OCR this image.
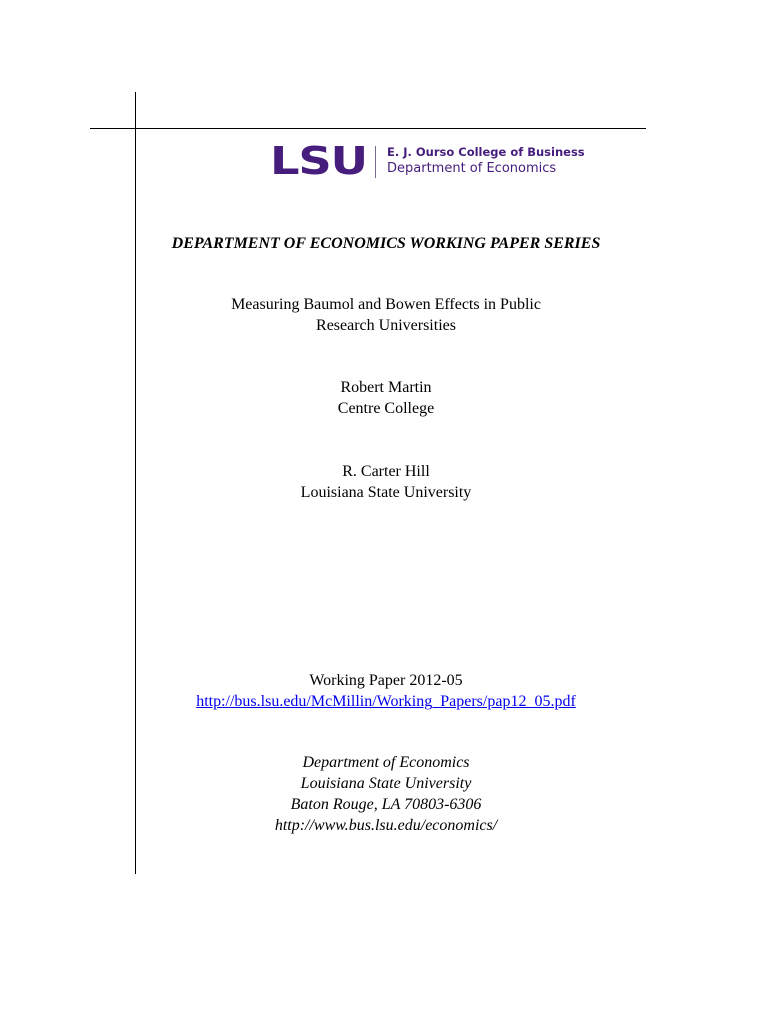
LSU E. J. Ourso College of Business
Department of Economics
DEPARTMENT OF ECONOMICS WORKING PAPER SERIES
Measuring Baumol and Bowen Effects in Public
Research Universities
Robert Martin
Centre College
R. Carter Hill
Louisiana State University
Working Paper 2012-05
http://bus.lsu.edu/McMillin/Working_Papers/pap12_05.pdf
Department of Economics
Louisiana State University
Baton Rouge, LA 70803-6306
http://www.bus.lsu.edu/economics/
